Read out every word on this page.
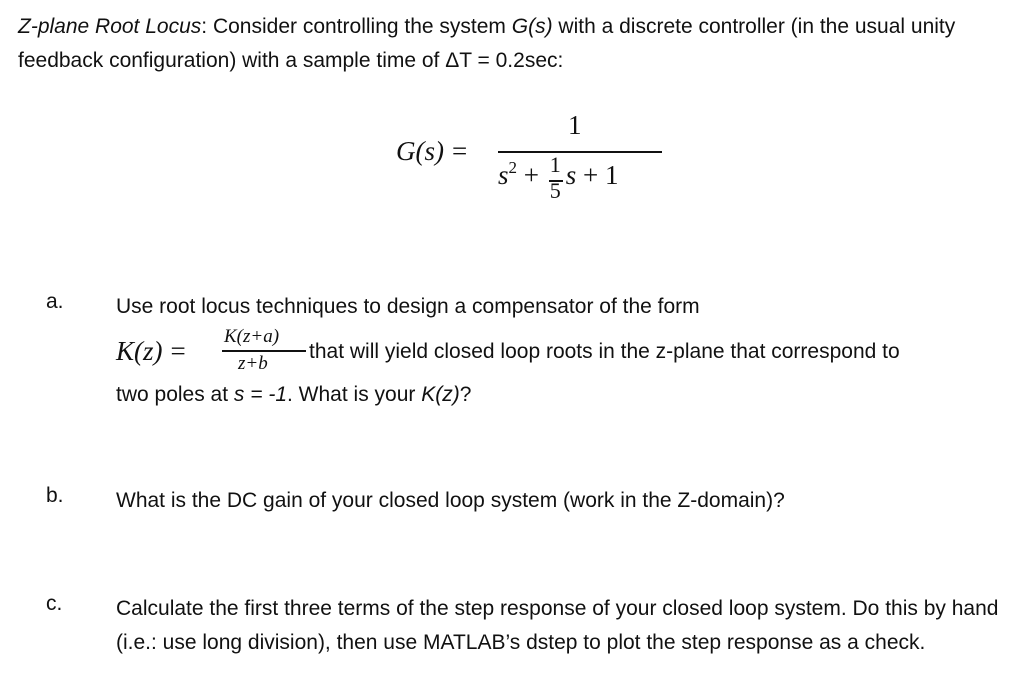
Z-plane Root Locus: Consider controlling the system G(s) with a discrete controller (in the usual unity feedback configuration) with a sample time of ΔT = 0.2sec:
G(s) =
1
$s^2 + \frac{1}{5}$ s + 1
a. Use root locus techniques to design a compensator of the form
K(z) = K(z+a)
z+b
that will yield closed loop roots in the z-plane that correspond to
two poles at s = -1. What is your K(z)?
b. What is the DC gain of your closed loop system (work in the Z-domain)?
c.	Calculate the first three terms of the step response of your closed loop system. Do this by hand (i.e.: use long division), then use MATLAB’s dstep to plot the step response as a check.
